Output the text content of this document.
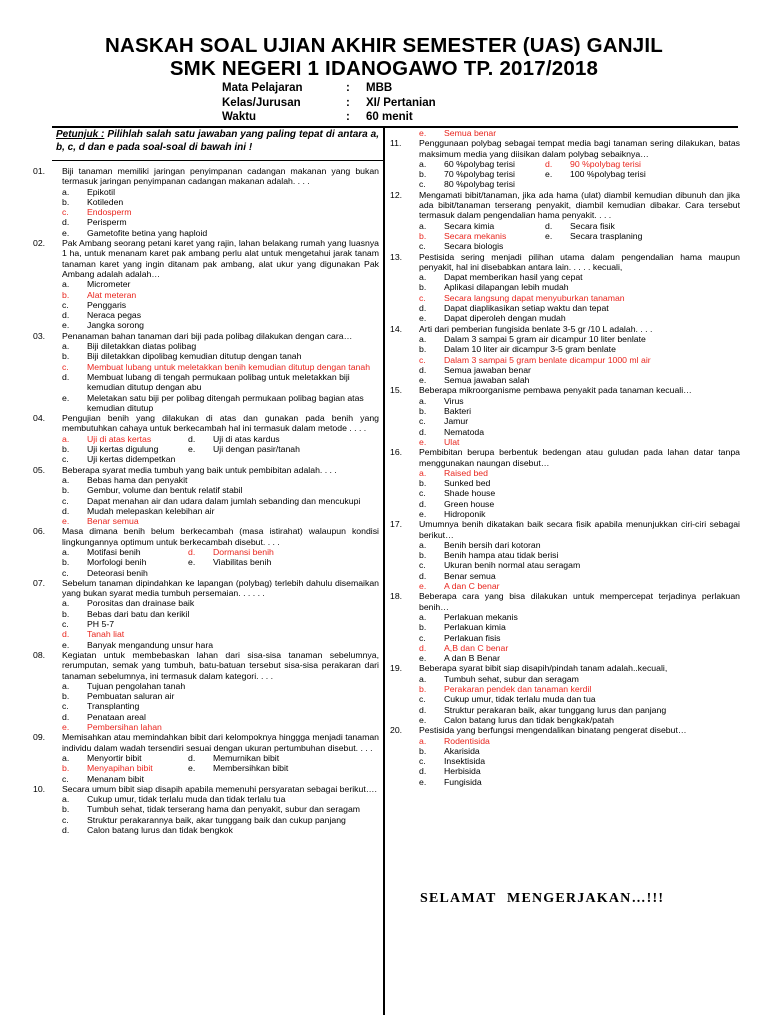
NASKAH SOAL UJIAN AKHIR SEMESTER (UAS) GANJIL
SMK NEGERI 1 IDANOGAWO TP. 2017/2018
Mata Pelajaran	:	MBB
Kelas/Jurusan	:	XI/ Pertanian
Waktu	:	60 menit
Petunjuk : Pilihlah salah satu jawaban yang paling tepat di antara a, b, c, d dan e pada soal-soal di bawah ini !
01. Biji tanaman memiliki jaringan penyimpanan cadangan makanan yang bukan termasuk jaringan penyimpanan cadangan makanan adalah. . . .
a. Epikotil
b. Kotileden
c. Endosperm
d. Perisperm
e. Gametofite betina yang haploid
02. Pak Ambang seorang petani karet yang rajin, lahan belakang rumah yang luasnya 1 ha, untuk menanam karet pak ambang perlu alat untuk mengetahui jarak tanam tanaman karet yang ingin ditanam pak ambang, alat ukur yang digunakan Pak Ambang adalah adalah…
a. Micrometer
b. Alat meteran
c. Penggaris
d. Neraca pegas
e. Jangka sorong
03. Penanaman bahan tanaman dari biji pada polibag dilakukan dengan cara…
a. Biji diletakkan diatas polibag
b. Biji diletakkan dipolibag kemudian ditutup dengan tanah
c. Membuat lubang untuk meletakkan benih kemudian ditutup dengan tanah
d. Membuat lubang di tengah permukaan polibag untuk meletakkan biji kemudian ditutup dengan abu
e. Meletakan satu biji per polibag ditengah permukaan polibag bagian atas kemudian ditutup
04. Pengujian benih yang dilakukan di atas dan gunakan pada benih yang membutuhkan cahaya untuk berkecambah hal ini termasuk dalam metode . . . .
a. Uji di atas kertas	d. Uji di atas kardus
b. Uji kertas digulung	e. Uji dengan pasir/tanah
c. Uji kertas didempetkan
05. Beberapa syarat media tumbuh yang baik untuk pembibitan adalah. . . .
a. Bebas hama dan penyakit
b. Gembur, volume dan bentuk relatif stabil
c. Dapat menahan air dan udara dalam jumlah sebanding dan mencukupi
d. Mudah melepaskan kelebihan air
e. Benar semua
06. Masa dimana benih belum berkecambah (masa istirahat) walaupun kondisi lingkungannya optimum untuk berkecambah disebut. . . .
a. Motifasi benih	d. Dormansi benih
b. Morfologi benih	e. Viabilitas benih
c. Deteorasi benih
07. Sebelum tanaman dipindahkan ke lapangan (polybag) terlebih dahulu disemaikan yang bukan syarat media tumbuh persemaian. . . . . .
a. Porositas dan drainase baik
b. Bebas dari batu dan kerikil
c. PH 5-7
d. Tanah liat
e. Banyak mengandung unsur hara
08. Kegiatan untuk membebaskan lahan dari sisa-sisa tanaman sebelumnya, rerumputan, semak yang tumbuh, batu-batuan tersebut sisa-sisa perakaran dari tanaman sebelumnya, ini termasuk dalam kategori. . . .
a. Tujuan pengolahan tanah
b. Pembuatan saluran air
c. Transplanting
d. Penataan areal
e. Pembersihan lahan
09. Memisahkan atau memindahkan bibit dari kelompoknya hinggga menjadi tanaman individu dalam wadah tersendiri sesuai dengan ukuran pertumbuhan disebut. . . .
a. Menyortir bibit	d. Memurnikan bibit
b. Menyapihan bibit	e. Membersihkan bibit
c. Menanam bibit
10. Secara umum bibit siap disapih apabila memenuhi persyaratan sebagai berikut….
a. Cukup umur, tidak terlalu muda dan tidak terlalu tua
b. Tumbuh sehat, tidak terserang hama dan penyakit, subur dan seragam
c. Struktur perakarannya baik, akar tunggang baik dan cukup panjang
d. Calon batang lurus dan tidak bengkok
e. Semua benar
11. Penggunaan polybag sebagai tempat media bagi tanaman sering dilakukan, batas maksimum media yang diisikan dalam polybag sebaiknya…
a. 60 %polybag terisi	d. 90 %polybag terisi
b. 70 %polybag terisi	e. 100 %polybag terisi
c. 80 %polybag terisi
12. Mengamati bibit/tanaman, jika ada hama (ulat) diambil kemudian dibunuh dan jika ada bibit/tanaman terserang penyakit, diambil kemudian dibakar. Cara tersebut termasuk dalam pengendalian hama penyakit. . . .
a. Secara kimia	d. Secara fisik
b. Secara mekanis	e. Secara trasplaning
c. Secara biologis
13. Pestisida sering menjadi pilihan utama dalam pengendalian hama maupun penyakit, hal ini disebabkan antara lain. . . . . kecuali,
a. Dapat memberikan hasil yang cepat
b. Aplikasi dilapangan lebih mudah
c. Secara langsung dapat menyuburkan tanaman
d. Dapat diaplikasikan setiap waktu dan tepat
e. Dapat diperoleh dengan mudah
14. Arti dari pemberian fungisida benlate 3-5 gr /10 L adalah. . . .
a. Dalam 3 sampai 5 gram air dicampur 10 liter benlate
b. Dalam 10 liter air dicampur 3-5 gram benlate
c. Dalam 3 sampai 5 gram benlate dicampur 1000 ml air
d. Semua jawaban benar
e. Semua jawaban salah
15. Beberapa mikroorganisme pembawa penyakit pada tanaman kecuali…
a. Virus
b. Bakteri
c. Jamur
d. Nematoda
e. Ulat
16. Pembibitan berupa berbentuk bedengan atau guludan pada lahan datar tanpa menggunakan naungan disebut…
a. Raised bed
b. Sunked bed
c. Shade house
d. Green house
e. Hidroponik
17. Umumnya benih dikatakan baik secara fisik apabila menunjukkan ciri-ciri sebagai berikut…
a. Benih bersih dari kotoran
b. Benih hampa atau tidak berisi
c. Ukuran benih normal atau seragam
d. Benar semua
e. A dan C benar
18. Beberapa cara yang bisa dilakukan untuk mempercepat terjadinya perlakuan benih…
a. Perlakuan mekanis
b. Perlakuan kimia
c. Perlakuan fisis
d. A,B dan C benar
e. A dan B Benar
19. Beberapa syarat bibit siap disapih/pindah tanam adalah..kecuali,
a. Tumbuh sehat, subur dan seragam
b. Perakaran pendek dan tanaman kerdil
c. Cukup umur, tidak terlalu muda dan tua
d. Struktur perakaran baik, akar tunggang lurus dan panjang
e. Calon batang lurus dan tidak bengkak/patah
20. Pestisida yang berfungsi mengendalikan binatang pengerat disebut…
a. Rodentisida
b. Akarisida
c. Insektisida
d. Herbisida
e. Fungisida
SELAMAT MENGERJAKAN…!!!
